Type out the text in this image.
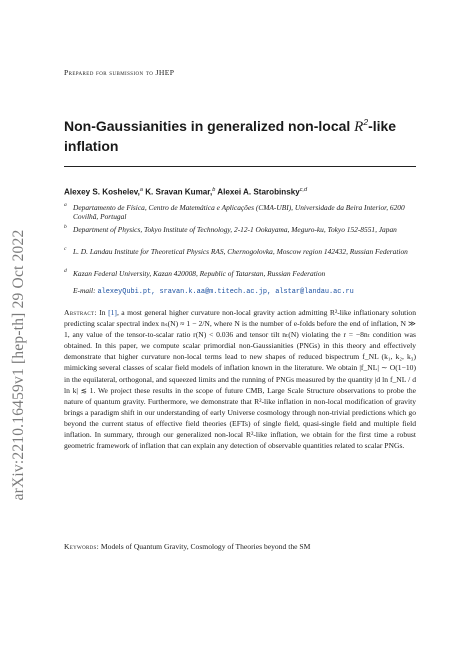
arXiv:2210.16459v1 [hep-th] 29 Oct 2022
Prepared for submission to JHEP
Non-Gaussianities in generalized non-local $R^2$-like
inflation
Alexey S. Koshelev,$^a$ K. Sravan Kumar,$^b$ Alexei A. Starobinsky$^{c,d}$
a Departamento de Física, Centro de Matemática e Aplicações (CMA-UBI), Universidade da Beira Interior, 6200 Covilhã, Portugal
b Department of Physics, Tokyo Institute of Technology, 2-12-1 Ookayama, Meguro-ku, Tokyo 152-8551, Japan
c L. D. Landau Institute for Theoretical Physics RAS, Chernogolovka, Moscow region 142432, Russian Federation
d Kazan Federal University, Kazan 420008, Republic of Tatarstan, Russian Federation
E-mail: alexeyQubi.pt, sravan.k.aa@m.titech.ac.jp, alstar@landau.ac.ru
Abstract: In [1], a most general higher curvature non-local gravity action admitting R²-like inflationary solution predicting scalar spectral index nₛ(N) ≈ 1 − 2/N, where N is the number of e-folds before the end of inflation, N ≫ 1, any value of the tensor-to-scalar ratio r(N) < 0.036 and tensor tilt nₜ(N) violating the r = −8nₜ condition was obtained. In this paper, we compute scalar primordial non-Gaussianities (PNGs) in this theory and effectively demonstrate that higher curvature non-local terms lead to new shapes of reduced bispectrum f_NL (k₁, k₂, k₃) mimicking several classes of scalar field models of inflation known in the literature. We obtain |f_NL| ∼ O(1−10) in the equilateral, orthogonal, and squeezed limits and the running of PNGs measured by the quantity |d ln f_NL / d ln k| ≲ 1. We project these results in the scope of future CMB, Large Scale Structure observations to probe the nature of quantum gravity. Furthermore, we demonstrate that R²-like inflation in non-local modification of gravity brings a paradigm shift in our understanding of early Universe cosmology through non-trivial predictions which go beyond the current status of effective field theories (EFTs) of single field, quasi-single field and multiple field inflation. In summary, through our generalized non-local R²-like inflation, we obtain for the first time a robust geometric framework of inflation that can explain any detection of observable quantities related to scalar PNGs.
Keywords: Models of Quantum Gravity, Cosmology of Theories beyond the SM
